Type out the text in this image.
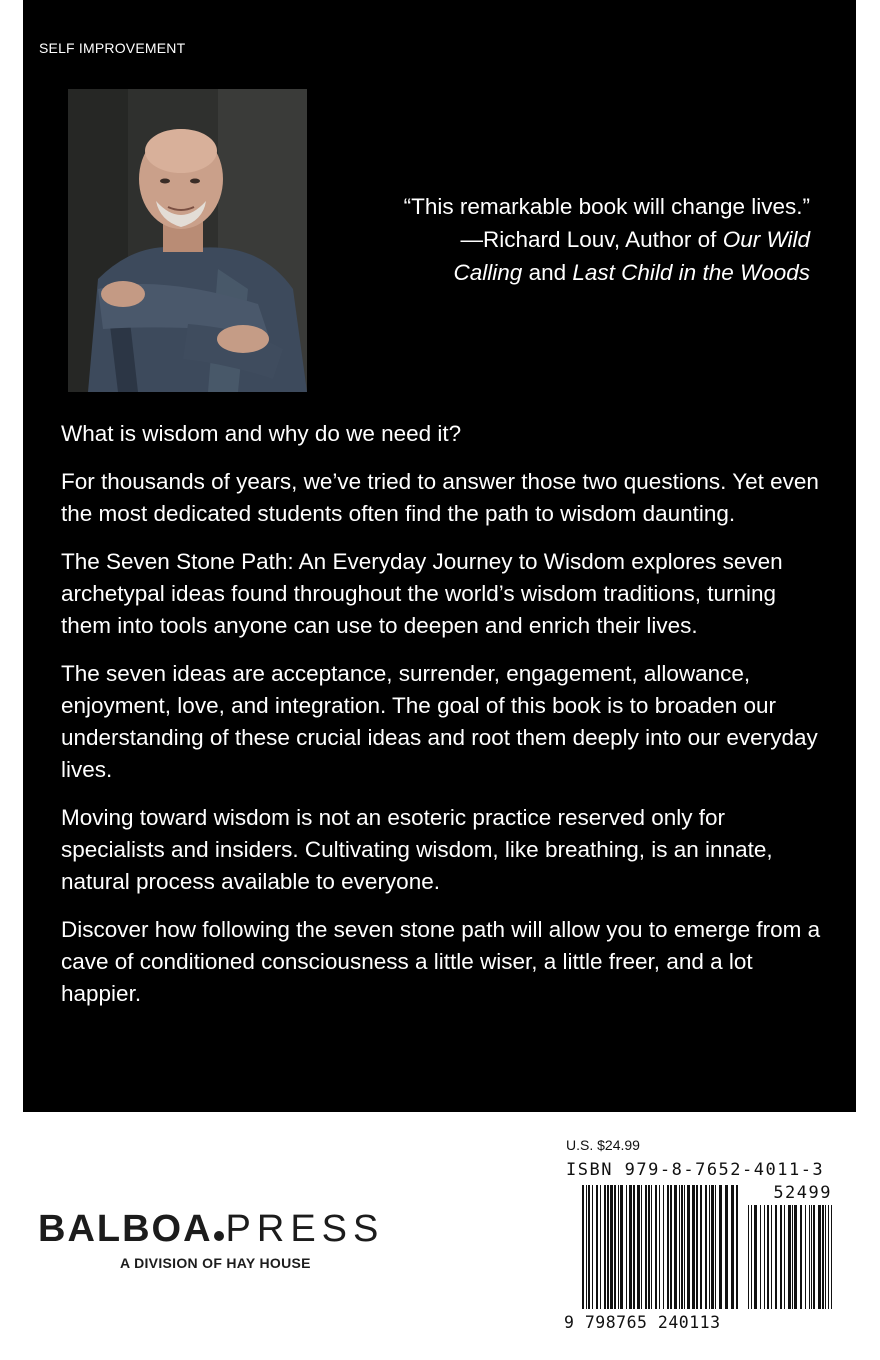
SELF IMPROVEMENT
“This remarkable book will change lives.”
—Richard Louv, Author of Our Wild
Calling and Last Child in the Woods

What is wisdom and why do we need it?

For thousands of years, we’ve tried to answer those two questions. Yet even the most dedicated students often find the path to wisdom daunting.

The Seven Stone Path: An Everyday Journey to Wisdom explores seven archetypal ideas found throughout the world’s wisdom traditions, turning them into tools anyone can use to deepen and enrich their lives.

The seven ideas are acceptance, surrender, engagement, allowance, enjoyment, love, and integration. The goal of this book is to broaden our understanding of these crucial ideas and root them deeply into our everyday lives.

Moving toward wisdom is not an esoteric practice reserved only for specialists and insiders. Cultivating wisdom, like breathing, is an innate, natural process available to everyone.

Discover how following the seven stone path will allow you to emerge from a cave of conditioned consciousness a little wiser, a little freer, and a lot happier.

BALBOA PRESS
A DIVISION OF HAY HOUSE
U.S. $24.99
ISBN 979-8-7652-4011-3
52499
9 798765 240113
